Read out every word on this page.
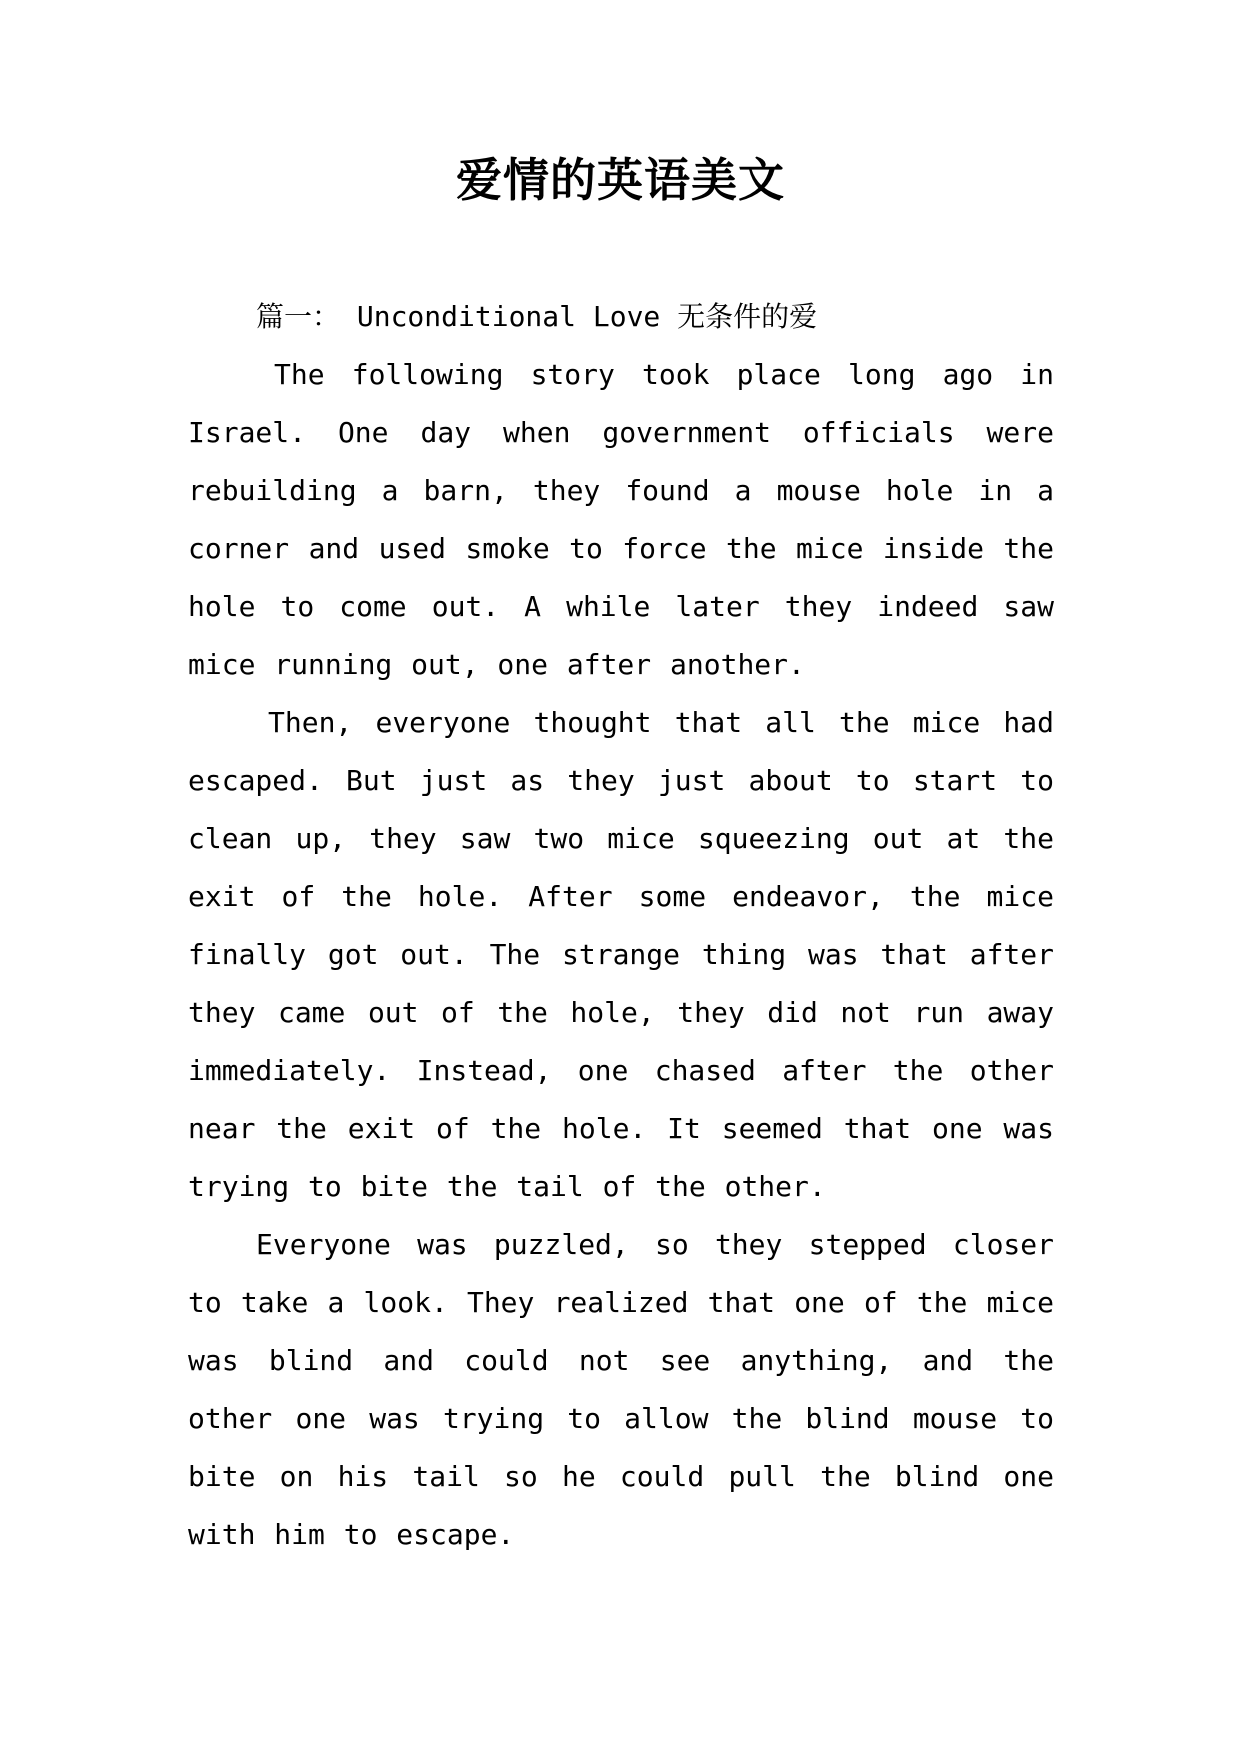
爱情的英语美文

篇一： Unconditional Love 无条件的爱

The following story took place long ago in Israel. One day when government officials were rebuilding a barn, they found a mouse hole in a corner and used smoke to force the mice inside the hole to come out. A while later they indeed saw mice running out, one after another.

Then, everyone thought that all the mice had escaped. But just as they just about to start to clean up, they saw two mice squeezing out at the exit of the hole. After some endeavor, the mice finally got out. The strange thing was that after they came out of the hole, they did not run away immediately. Instead, one chased after the other near the exit of the hole. It seemed that one was trying to bite the tail of the other.

Everyone was puzzled, so they stepped closer to take a look. They realized that one of the mice was blind and could not see anything, and the other one was trying to allow the blind mouse to bite on his tail so he could pull the blind one with him to escape.
